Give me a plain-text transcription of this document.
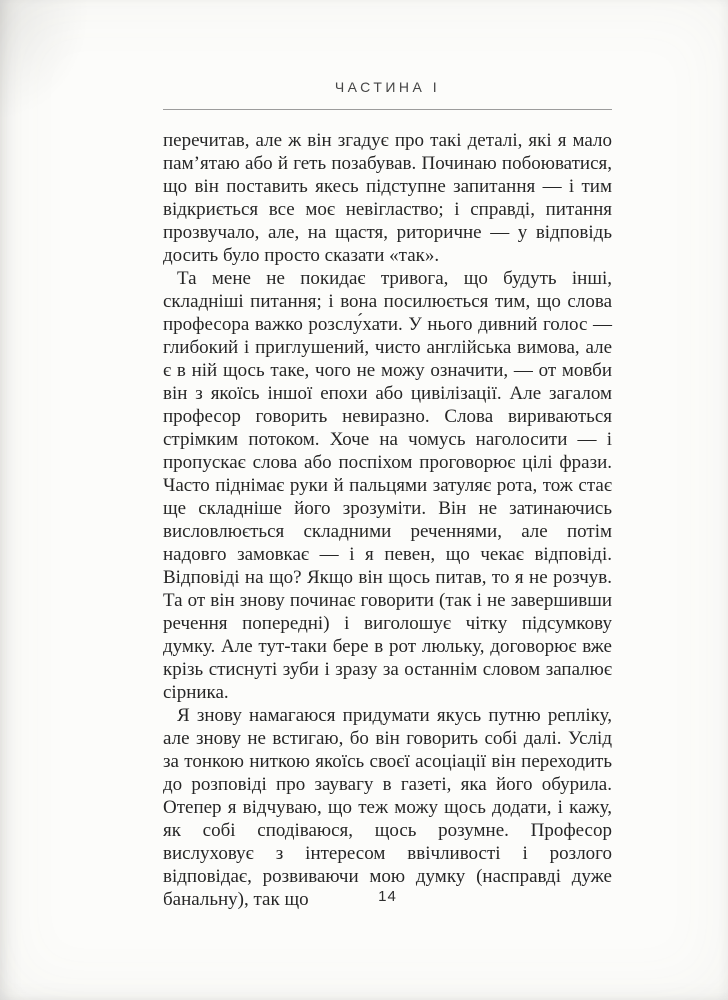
ЧАСТИНА I

перечитав, але ж він згадує про такі деталі, які я мало пам’ятаю або й геть позабував. Починаю побоюватися, що він поставить якесь підступне запитання — і тим відкриється все моє невігластво; і справді, питання прозвучало, але, на щастя, риторичне — у відповідь досить було просто сказати «так».

Та мене не покидає тривога, що будуть інші, складніші питання; і вона посилюється тим, що слова професора важко розслу́хати. У нього дивний голос — глибокий і приглушений, чисто англійська вимова, але є в ній щось таке, чого не можу означити, — от мовби він з якоїсь іншої епохи або цивілізації. Але загалом професор говорить невиразно. Слова вириваються стрімким потоком. Хоче на чомусь наголосити — і пропускає слова або поспіхом проговорює цілі фрази. Часто піднімає руки й пальцями затуляє рота, тож стає ще складніше його зрозуміти. Він не затинаючись висловлюється складними реченнями, але потім надовго замовкає — і я певен, що чекає відповіді. Відповіді на що? Якщо він щось питав, то я не розчув. Та от він знову починає говорити (так і не завершивши речення попередні) і виголошує чітку підсумкову думку. Але тут-таки бере в рот люльку, договорює вже крізь стиснуті зуби і зразу за останнім словом запалює сірника.

Я знову намагаюся придумати якусь путню репліку, але знову не встигаю, бо він говорить собі далі. Услід за тонкою ниткою якоїсь своєї асоціації він переходить до розповіді про заувагу в газеті, яка його обурила. Отепер я відчуваю, що теж можу щось додати, і кажу, як собі сподіваюся, щось розумне. Професор вислуховує з інтересом ввічливості і розлого відповідає, розвиваючи мою думку (насправді дуже банальну), так що	14
